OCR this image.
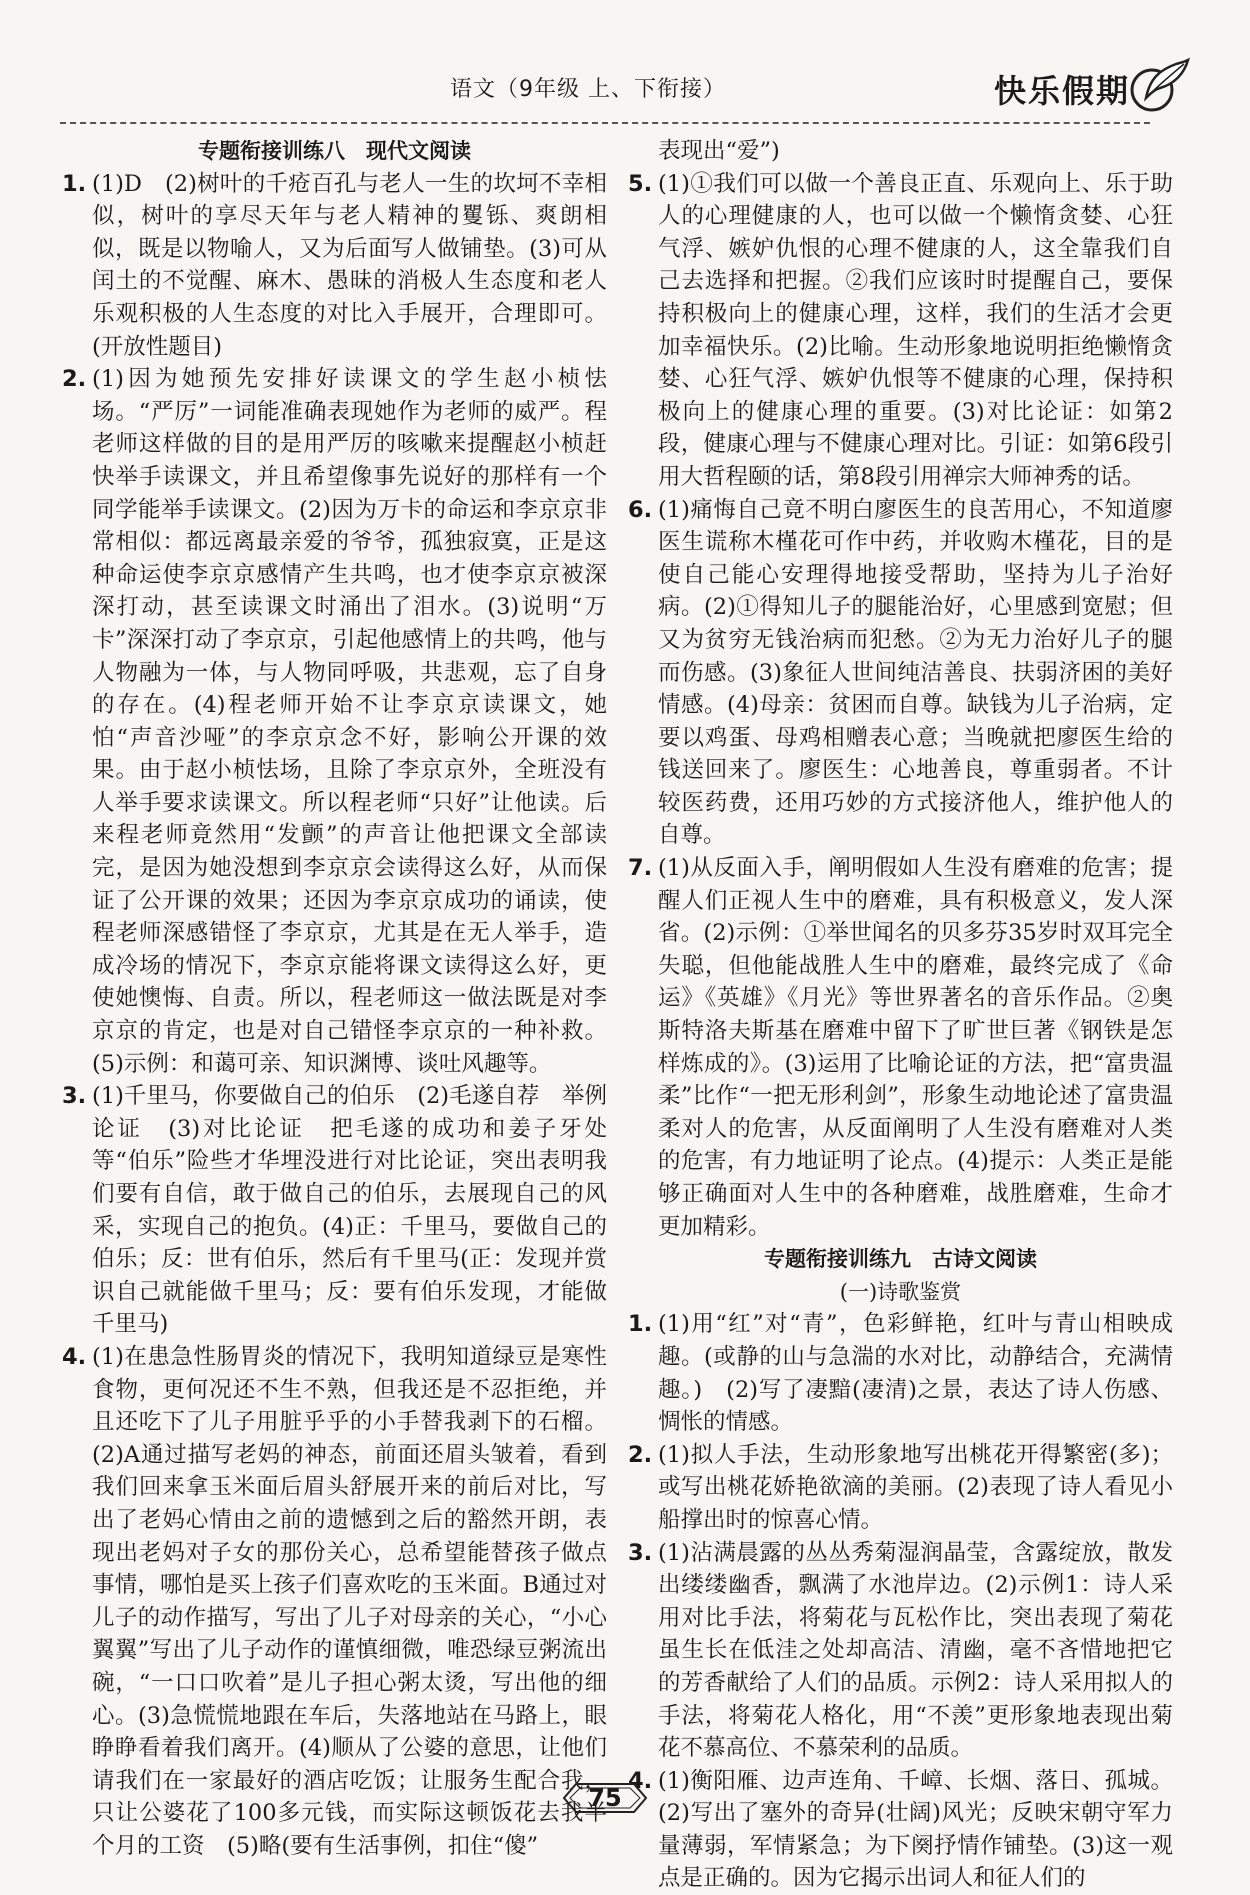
语文（9年级 上、下衔接）	快乐假期

专题衔接训练八　现代文阅读

1. (1)D　(2)树叶的千疮百孔与老人一生的坎坷不幸相似，树叶的享尽天年与老人精神的矍铄、爽朗相似，既是以物喻人，又为后面写人做铺垫。(3)可从闰土的不觉醒、麻木、愚昧的消极人生态度和老人乐观积极的人生态度的对比入手展开，合理即可。(开放性题目)
2. (1)因为她预先安排好读课文的学生赵小桢怯场。“严厉”一词能准确表现她作为老师的威严。程老师这样做的目的是用严厉的咳嗽来提醒赵小桢赶快举手读课文，并且希望像事先说好的那样有一个同学能举手读课文。(2)因为万卡的命运和李京京非常相似：都远离最亲爱的爷爷，孤独寂寞，正是这种命运使李京京感情产生共鸣，也才使李京京被深深打动，甚至读课文时涌出了泪水。(3)说明“万卡”深深打动了李京京，引起他感情上的共鸣，他与人物融为一体，与人物同呼吸，共悲观，忘了自身的存在。(4)程老师开始不让李京京读课文，她怕“声音沙哑”的李京京念不好，影响公开课的效果。由于赵小桢怯场，且除了李京京外，全班没有人举手要求读课文。所以程老师“只好”让他读。后来程老师竟然用“发颤”的声音让他把课文全部读完，是因为她没想到李京京会读得这么好，从而保证了公开课的效果；还因为李京京成功的诵读，使程老师深感错怪了李京京，尤其是在无人举手，造成冷场的情况下，李京京能将课文读得这么好，更使她懊悔、自责。所以，程老师这一做法既是对李京京的肯定，也是对自己错怪李京京的一种补救。(5)示例：和蔼可亲、知识渊博、谈吐风趣等。
3. (1)千里马，你要做自己的伯乐　(2)毛遂自荐　举例论证　(3)对比论证　把毛遂的成功和姜子牙处等“伯乐”险些才华埋没进行对比论证，突出表明我们要有自信，敢于做自己的伯乐，去展现自己的风采，实现自己的抱负。(4)正：千里马，要做自己的伯乐；反：世有伯乐，然后有千里马(正：发现并赏识自己就能做千里马；反：要有伯乐发现，才能做千里马)
4. (1)在患急性肠胃炎的情况下，我明知道绿豆是寒性食物，更何况还不生不熟，但我还是不忍拒绝，并且还吃下了儿子用脏乎乎的小手替我剥下的石榴。(2)A通过描写老妈的神态，前面还眉头皱着，看到我们回来拿玉米面后眉头舒展开来的前后对比，写出了老妈心情由之前的遗憾到之后的豁然开朗，表现出老妈对子女的那份关心，总希望能替孩子做点事情，哪怕是买上孩子们喜欢吃的玉米面。B通过对儿子的动作描写，写出了儿子对母亲的关心，“小心翼翼”写出了儿子动作的谨慎细微，唯恐绿豆粥流出碗，“一口口吹着”是儿子担心粥太烫，写出他的细心。(3)急慌慌地跟在车后，失落地站在马路上，眼睁睁看着我们离开。(4)顺从了公婆的意思，让他们请我们在一家最好的酒店吃饭；让服务生配合我，只让公婆花了100多元钱，而实际这顿饭花去我半个月的工资　(5)略(要有生活事例，扣住“傻”

表现出“爱”)

5. (1)①我们可以做一个善良正直、乐观向上、乐于助人的心理健康的人，也可以做一个懒惰贪婪、心狂气浮、嫉妒仇恨的心理不健康的人，这全靠我们自己去选择和把握。②我们应该时时提醒自己，要保持积极向上的健康心理，这样，我们的生活才会更加幸福快乐。(2)比喻。生动形象地说明拒绝懒惰贪婪、心狂气浮、嫉妒仇恨等不健康的心理，保持积极向上的健康心理的重要。(3)对比论证：如第2段，健康心理与不健康心理对比。引证：如第6段引用大哲程颐的话，第8段引用禅宗大师神秀的话。
6. (1)痛悔自己竟不明白廖医生的良苦用心，不知道廖医生谎称木槿花可作中药，并收购木槿花，目的是使自己能心安理得地接受帮助，坚持为儿子治好病。(2)①得知儿子的腿能治好，心里感到宽慰；但又为贫穷无钱治病而犯愁。②为无力治好儿子的腿而伤感。(3)象征人世间纯洁善良、扶弱济困的美好情感。(4)母亲：贫困而自尊。缺钱为儿子治病，定要以鸡蛋、母鸡相赠表心意；当晚就把廖医生给的钱送回来了。廖医生：心地善良，尊重弱者。不计较医药费，还用巧妙的方式接济他人，维护他人的自尊。
7. (1)从反面入手，阐明假如人生没有磨难的危害；提醒人们正视人生中的磨难，具有积极意义，发人深省。(2)示例：①举世闻名的贝多芬35岁时双耳完全失聪，但他能战胜人生中的磨难，最终完成了《命运》《英雄》《月光》等世界著名的音乐作品。②奥斯特洛夫斯基在磨难中留下了旷世巨著《钢铁是怎样炼成的》。(3)运用了比喻论证的方法，把“富贵温柔”比作“一把无形利剑”，形象生动地论述了富贵温柔对人的危害，从反面阐明了人生没有磨难对人类的危害，有力地证明了论点。(4)提示：人类正是能够正确面对人生中的各种磨难，战胜磨难，生命才更加精彩。

专题衔接训练九　古诗文阅读

(一)诗歌鉴赏

1. (1)用“红”对“青”，色彩鲜艳，红叶与青山相映成趣。(或静的山与急湍的水对比，动静结合，充满情趣。)　(2)写了凄黯(凄清)之景，表达了诗人伤感、惆怅的情感。
2. (1)拟人手法，生动形象地写出桃花开得繁密(多)；或写出桃花娇艳欲滴的美丽。(2)表现了诗人看见小船撑出时的惊喜心情。
3. (1)沾满晨露的丛丛秀菊湿润晶莹，含露绽放，散发出缕缕幽香，飘满了水池岸边。(2)示例1：诗人采用对比手法，将菊花与瓦松作比，突出表现了菊花虽生长在低洼之处却高洁、清幽，毫不吝惜地把它的芳香献给了人们的品质。示例2：诗人采用拟人的手法，将菊花人格化，用“不羡”更形象地表现出菊花不慕高位、不慕荣利的品质。
4. (1)衡阳雁、边声连角、千嶂、长烟、落日、孤城。(2)写出了塞外的奇异(壮阔)风光；反映宋朝守军力量薄弱，军情紧急；为下阕抒情作铺垫。(3)这一观点是正确的。因为它揭示出词人和征人们的
75
